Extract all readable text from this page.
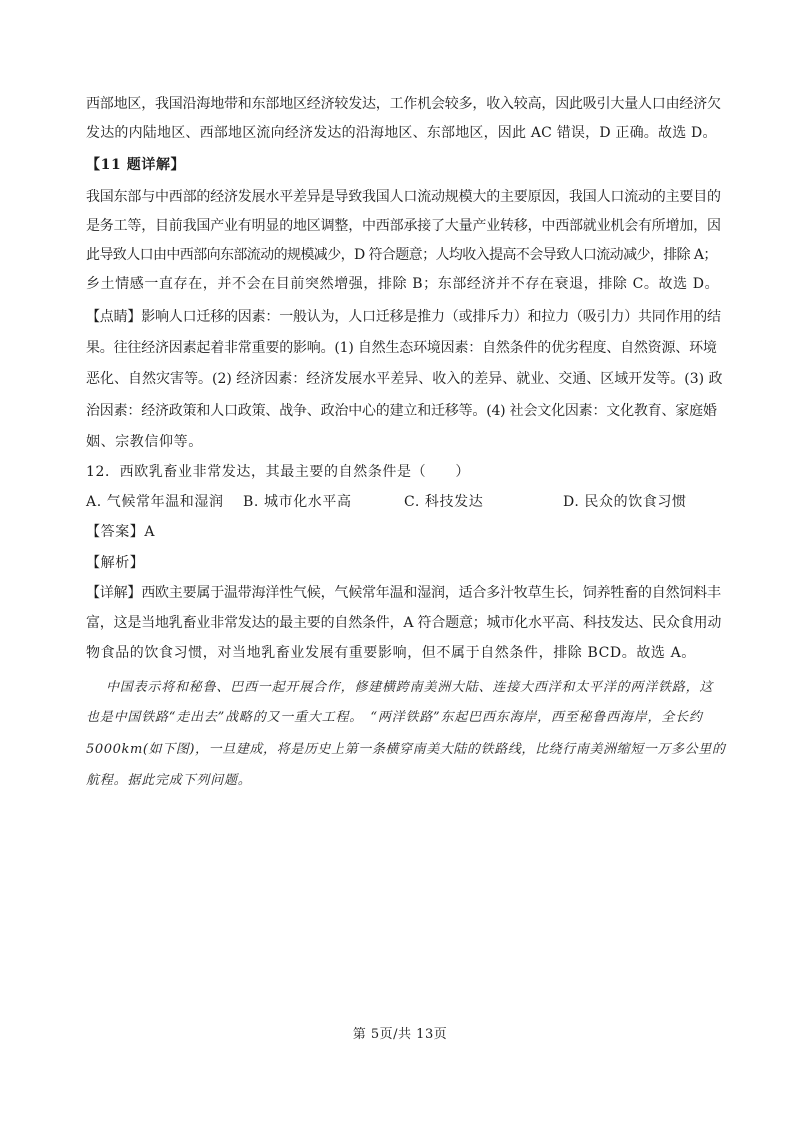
西部地区，我国沿海地带和东部地区经济较发达，工作机会较多，收入较高，因此吸引大量人口由经济欠
发达的内陆地区、西部地区流向经济发达的沿海地区、东部地区，因此 AC 错误，D 正确。故选 D。
【11 题详解】
我国东部与中西部的经济发展水平差异是导致我国人口流动规模大的主要原因，我国人口流动的主要目的
是务工等，目前我国产业有明显的地区调整，中西部承接了大量产业转移，中西部就业机会有所增加，因
此导致人口由中西部向东部流动的规模减少，D 符合题意；人均收入提高不会导致人口流动减少，排除 A；
乡土情感一直存在，并不会在目前突然增强，排除 B；东部经济并不存在衰退，排除 C。故选 D。
【点睛】影响人口迁移的因素：一般认为，人口迁移是推力（或排斥力）和拉力（吸引力）共同作用的结
果。往往经济因素起着非常重要的影响。(1) 自然生态环境因素：自然条件的优劣程度、自然资源、环境
恶化、自然灾害等。(2) 经济因素：经济发展水平差异、收入的差异、就业、交通、区域开发等。(3) 政
治因素：经济政策和人口政策、战争、政治中心的建立和迁移等。(4) 社会文化因素：文化教育、家庭婚
姻、宗教信仰等。
12．西欧乳畜业非常发达，其最主要的自然条件是（　　）
A. 气候常年温和湿润 B. 城市化水平高	C. 科技发达	D. 民众的饮食习惯
【答案】A
【解析】
【详解】西欧主要属于温带海洋性气候，气候常年温和湿润，适合多汁牧草生长，饲养牲畜的自然饲料丰
富，这是当地乳畜业非常发达的最主要的自然条件，A 符合题意；城市化水平高、科技发达、民众食用动
物食品的饮食习惯，对当地乳畜业发展有重要影响，但不属于自然条件，排除 BCD。故选 A。
中国表示将和秘鲁、巴西一起开展合作，修建横跨南美洲大陆、连接大西洋和太平洋的两洋铁路，这
也是中国铁路“走出去”战略的又一重大工程。　“两洋铁路”东起巴西东海岸，西至秘鲁西海岸，全长约
5000km(如下图)，一旦建成，将是历史上第一条横穿南美大陆的铁路线，比绕行南美洲缩短一万多公里的
航程。据此完成下列问题。
第 5页/共 13页
